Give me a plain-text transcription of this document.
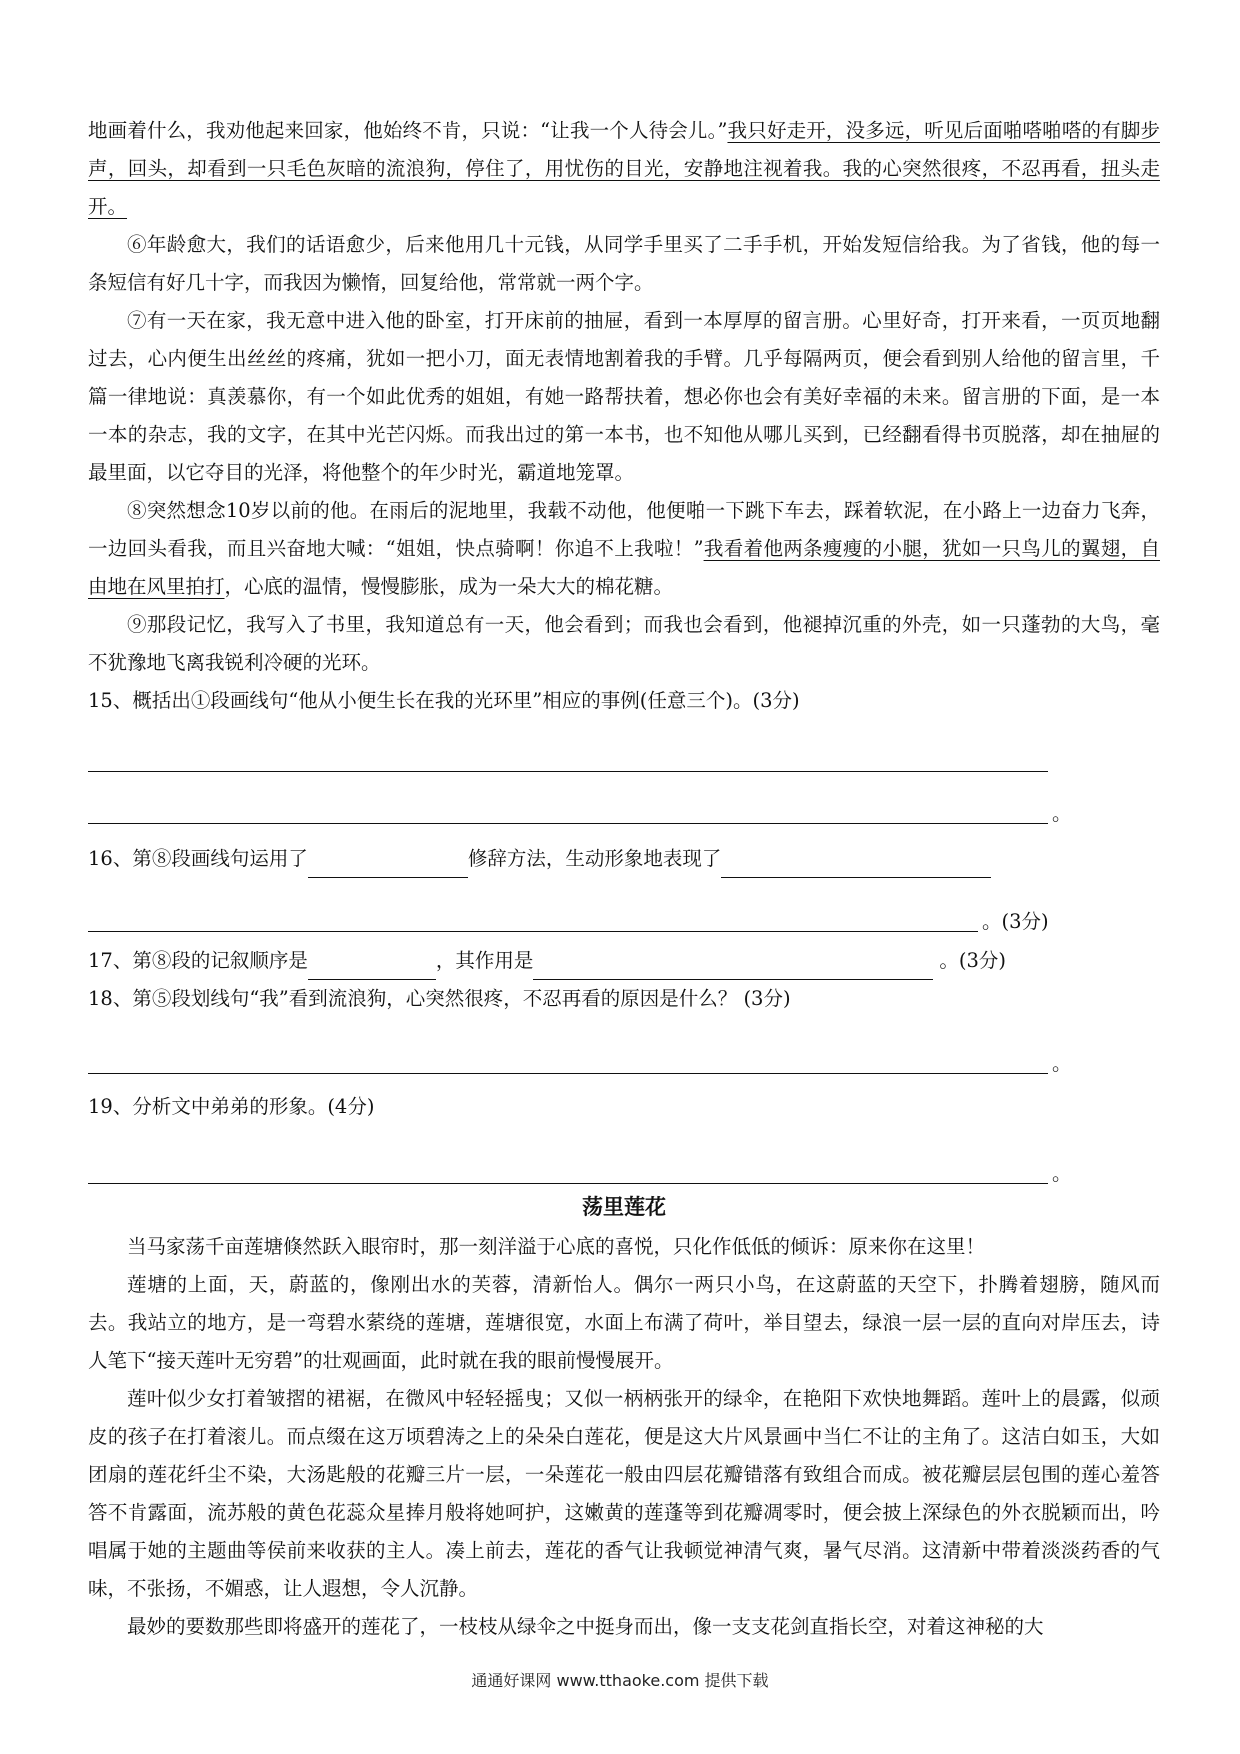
地画着什么，我劝他起来回家，他始终不肯，只说：“让我一个人待会儿。”我只好走开，没多远，听见后面啪嗒啪嗒的有脚步声，回头，却看到一只毛色灰暗的流浪狗，停住了，用忧伤的目光，安静地注视着我。我的心突然很疼，不忍再看，扭头走开。

⑥年龄愈大，我们的话语愈少，后来他用几十元钱，从同学手里买了二手手机，开始发短信给我。为了省钱，他的每一条短信有好几十字，而我因为懒惰，回复给他，常常就一两个字。

⑦有一天在家，我无意中进入他的卧室，打开床前的抽屉，看到一本厚厚的留言册。心里好奇，打开来看，一页页地翻过去，心内便生出丝丝的疼痛，犹如一把小刀，面无表情地割着我的手臂。几乎每隔两页，便会看到别人给他的留言里，千篇一律地说：真羡慕你，有一个如此优秀的姐姐，有她一路帮扶着，想必你也会有美好幸福的未来。留言册的下面，是一本一本的杂志，我的文字，在其中光芒闪烁。而我出过的第一本书，也不知他从哪儿买到，已经翻看得书页脱落，却在抽屉的最里面，以它夺目的光泽，将他整个的年少时光，霸道地笼罩。

⑧突然想念10岁以前的他。在雨后的泥地里，我载不动他，他便啪一下跳下车去，踩着软泥，在小路上一边奋力飞奔，一边回头看我，而且兴奋地大喊：“姐姐，快点骑啊！你追不上我啦！”我看着他两条瘦瘦的小腿，犹如一只鸟儿的翼翅，自由地在风里拍打，心底的温情，慢慢膨胀，成为一朵大大的棉花糖。

⑨那段记忆，我写入了书里，我知道总有一天，他会看到；而我也会看到，他褪掉沉重的外壳，如一只蓬勃的大鸟，毫不犹豫地飞离我锐利冷硬的光环。

15、概括出①段画线句“他从小便生长在我的光环里”相应的事例(任意三个)。(3分)
。
16、第⑧段画线句运用了	修辞方法，生动形象地表现了
。(3分)
17、第⑧段的记叙顺序是	，其作用是	。(3分)
18、第⑤段划线句“我”看到流浪狗，心突然很疼，不忍再看的原因是什么？ (3分)
。
19、分析文中弟弟的形象。(4分)
。
荡里莲花

当马家荡千亩莲塘倏然跃入眼帘时，那一刻洋溢于心底的喜悦，只化作低低的倾诉：原来你在这里！

莲塘的上面，天，蔚蓝的，像刚出水的芙蓉，清新怡人。偶尔一两只小鸟，在这蔚蓝的天空下，扑腾着翅膀，随风而去。我站立的地方，是一弯碧水萦绕的莲塘，莲塘很宽，水面上布满了荷叶，举目望去，绿浪一层一层的直向对岸压去，诗人笔下“接天莲叶无穷碧”的壮观画面，此时就在我的眼前慢慢展开。

莲叶似少女打着皱摺的裙裾，在微风中轻轻摇曳；又似一柄柄张开的绿伞，在艳阳下欢快地舞蹈。莲叶上的晨露，似顽皮的孩子在打着滚儿。而点缀在这万顷碧涛之上的朵朵白莲花，便是这大片风景画中当仁不让的主角了。这洁白如玉，大如团扇的莲花纤尘不染，大汤匙般的花瓣三片一层，一朵莲花一般由四层花瓣错落有致组合而成。被花瓣层层包围的莲心羞答答不肯露面，流苏般的黄色花蕊众星捧月般将她呵护，这嫩黄的莲蓬等到花瓣凋零时，便会披上深绿色的外衣脱颖而出，吟唱属于她的主题曲等侯前来收获的主人。凑上前去，莲花的香气让我顿觉神清气爽，暑气尽消。这清新中带着淡淡药香的气味，不张扬，不媚惑，让人遐想，令人沉静。

最妙的要数那些即将盛开的莲花了，一枝枝从绿伞之中挺身而出，像一支支花剑直指长空，对着这神秘的大

通通好课网 www.tthaoke.com 提供下载
